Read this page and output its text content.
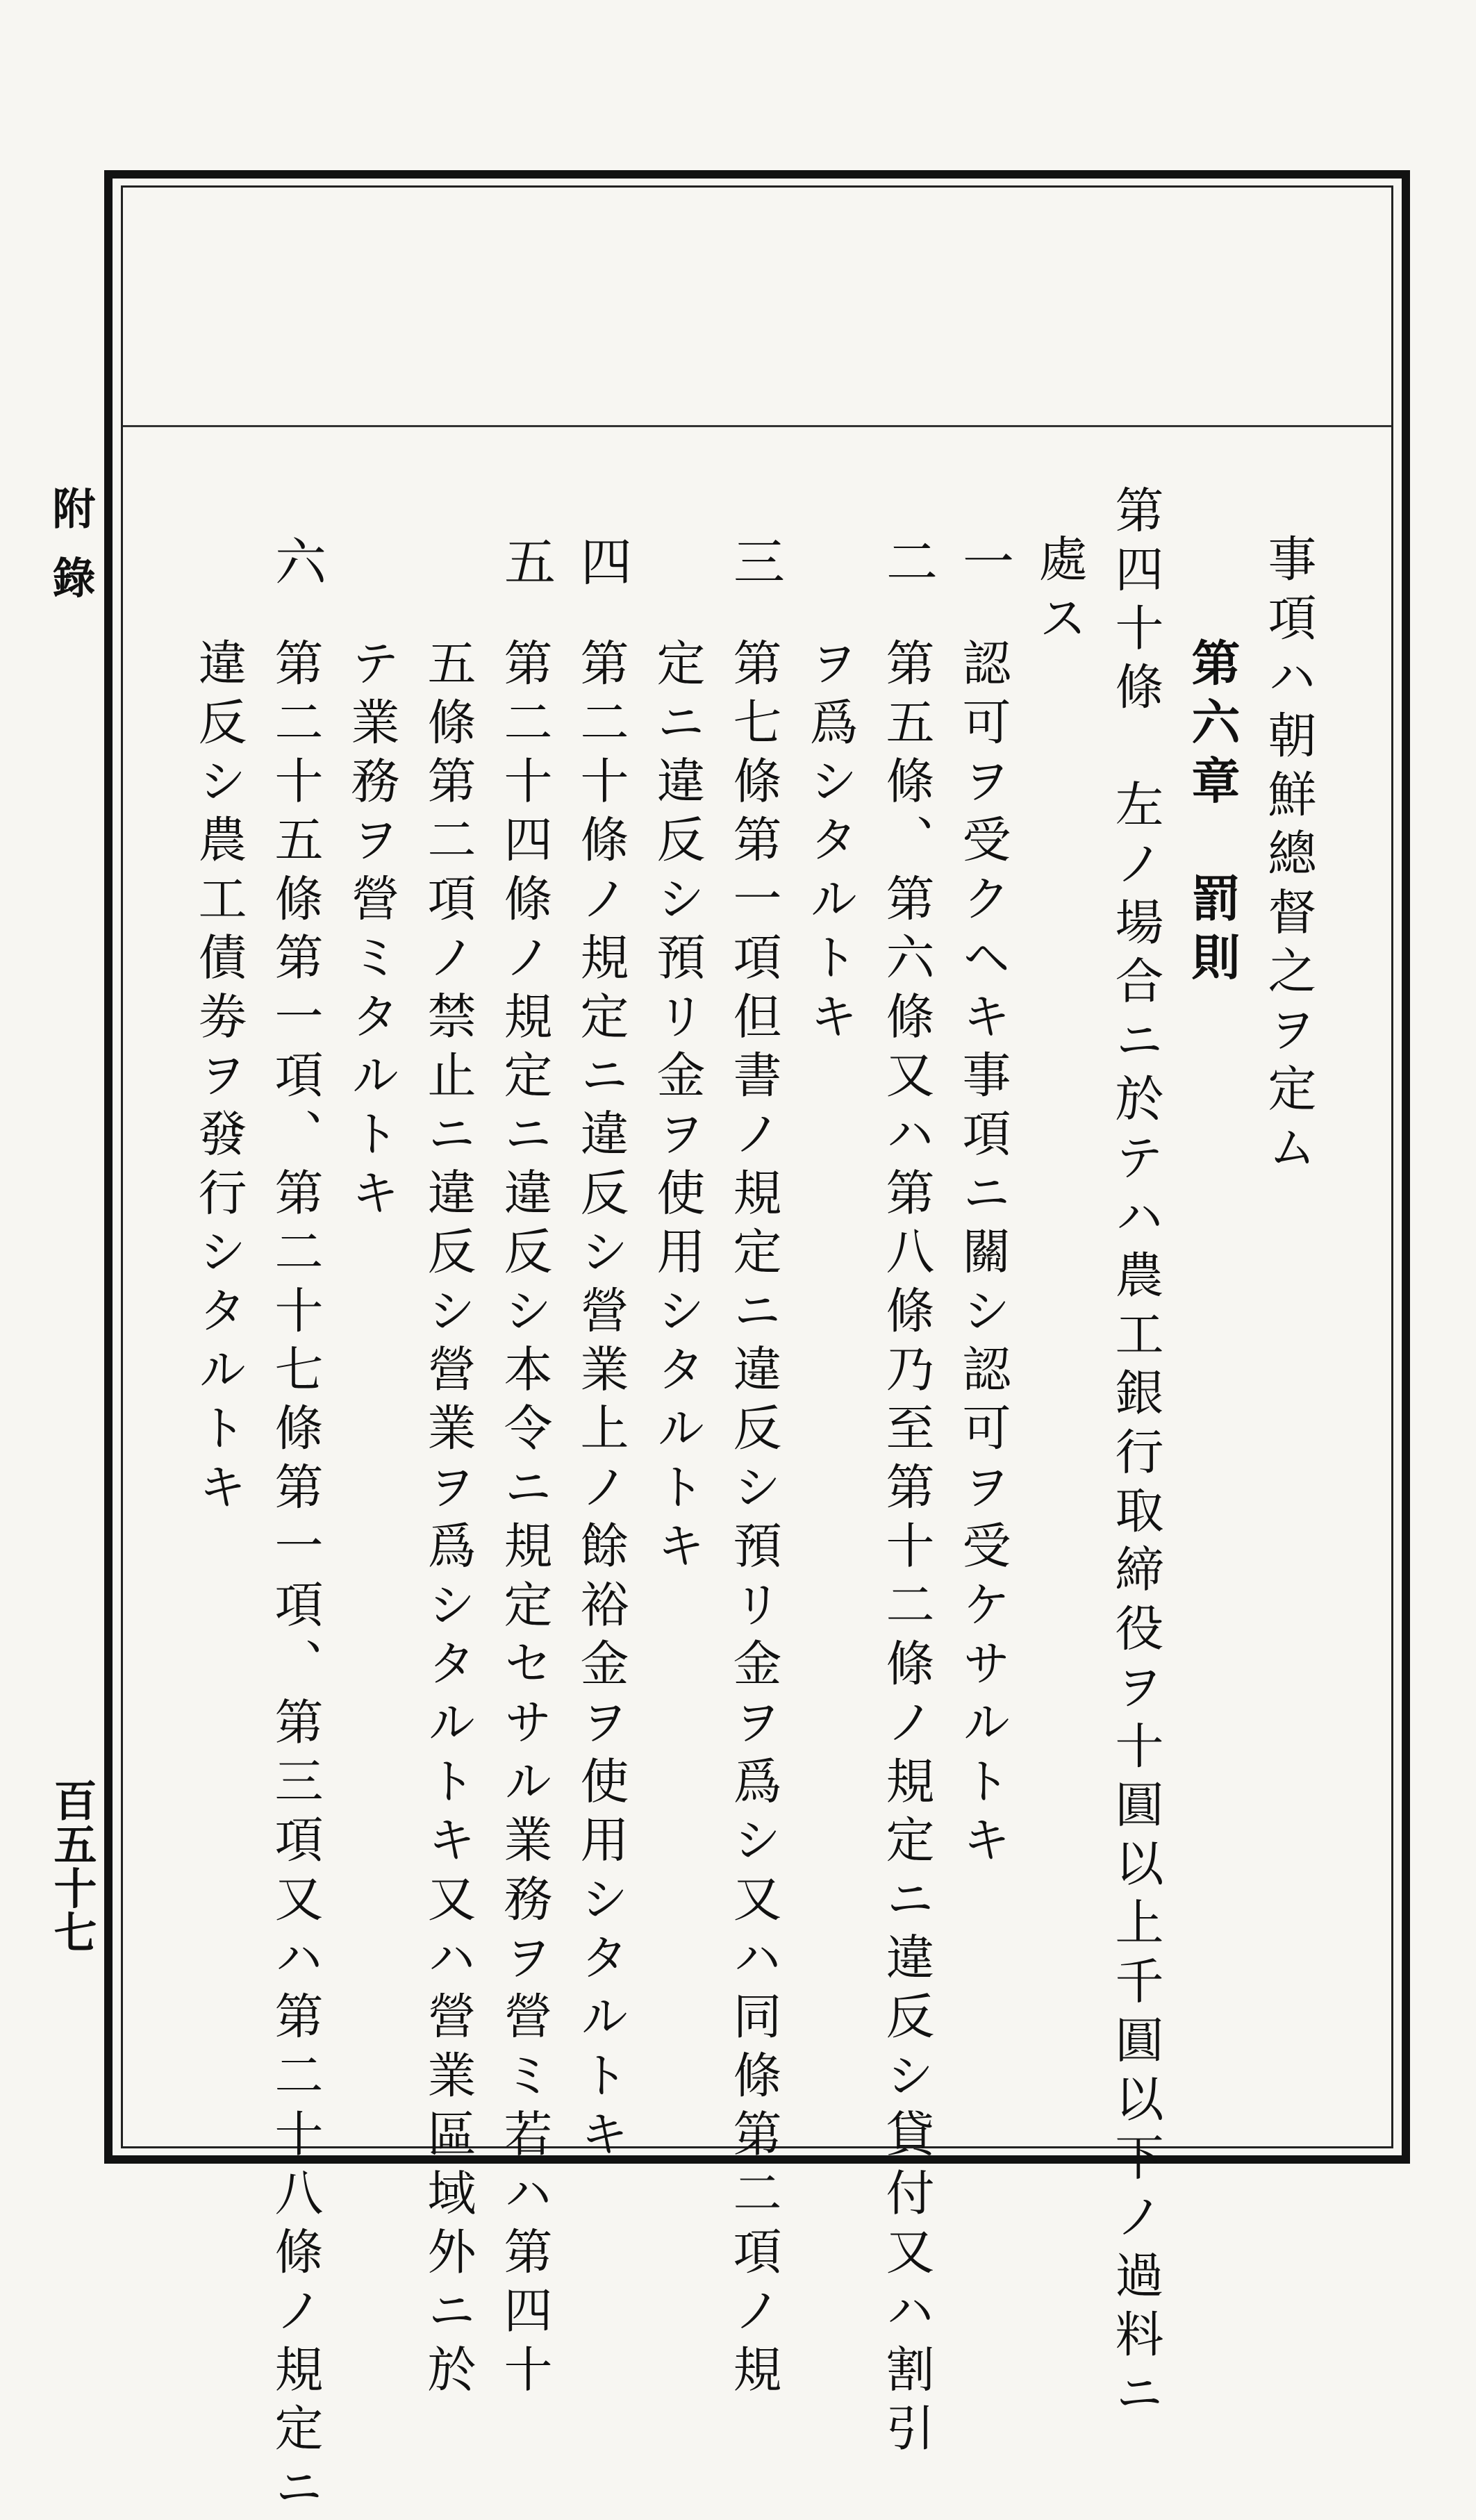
附錄
百五十七
事項ハ朝鮮總督之ヲ定ム
第六章　罰則
第四十條　左ノ場合ニ於テハ農工銀行取締役ヲ十圓以上千圓以下ノ過料ニ
處ス
一
認可ヲ受クヘキ事項ニ關シ認可ヲ受ケサルトキ
二
第五條、第六條又ハ第八條乃至第十二條ノ規定ニ違反シ貸付又ハ割引
ヲ爲シタルトキ
三
第七條第一項但書ノ規定ニ違反シ預リ金ヲ爲シ又ハ同條第二項ノ規
定ニ違反シ預リ金ヲ使用シタルトキ
四
第二十條ノ規定ニ違反シ營業上ノ餘裕金ヲ使用シタルトキ
五
第二十四條ノ規定ニ違反シ本令ニ規定セサル業務ヲ營ミ若ハ第四十
五條第二項ノ禁止ニ違反シ營業ヲ爲シタルトキ又ハ營業區域外ニ於
テ業務ヲ營ミタルトキ
六
第二十五條第一項、第二十七條第一項、第三項又ハ第二十八條ノ規定ニ
違反シ農工債劵ヲ發行シタルトキ
